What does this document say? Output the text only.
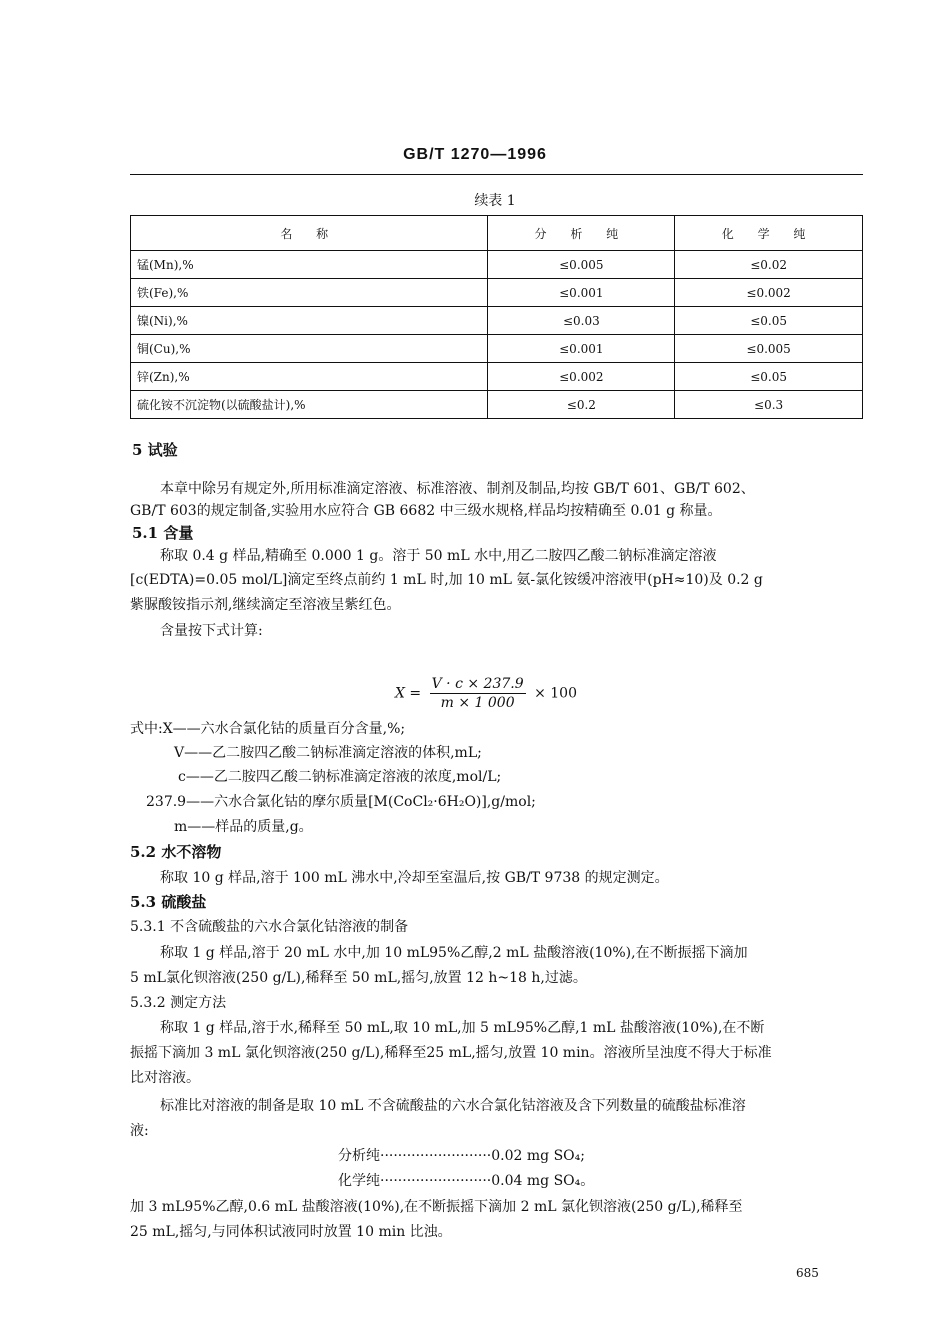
GB/T 1270—1996
续表 1
名 称	分 析 纯	化 学 纯
锰(Mn),%	≤0.005	≤0.02
铁(Fe),%	≤0.001	≤0.002
镍(Ni),%	≤0.03	≤0.05
铜(Cu),%	≤0.001	≤0.005
锌(Zn),%	≤0.002	≤0.05
硫化铵不沉淀物(以硫酸盐计),%	≤0.2	≤0.3
5 试验
本章中除另有规定外,所用标准滴定溶液、标准溶液、制剂及制品,均按 GB/T 601、GB/T 602、
GB/T 603的规定制备,实验用水应符合 GB 6682 中三级水规格,样品均按精确至 0.01 g 称量。
5.1 含量
称取 0.4 g 样品,精确至 0.000 1 g。溶于 50 mL 水中,用乙二胺四乙酸二钠标准滴定溶液
[c(EDTA)=0.05 mol/L]滴定至终点前约 1 mL 时,加 10 mL 氨-氯化铵缓冲溶液甲(pH≈10)及 0.2 g
紫脲酸铵指示剂,继续滴定至溶液呈紫红色。
含量按下式计算:
$X = \frac{V \cdot c \times 237.9}{m \times 1 000} \times 100$
式中:X——六水合氯化钴的质量百分含量,%;
V——乙二胺四乙酸二钠标准滴定溶液的体积,mL;
c——乙二胺四乙酸二钠标准滴定溶液的浓度,mol/L;
237.9——六水合氯化钴的摩尔质量[M(CoCl₂·6H₂O)],g/mol;
m——样品的质量,g。
5.2 水不溶物
称取 10 g 样品,溶于 100 mL 沸水中,冷却至室温后,按 GB/T 9738 的规定测定。
5.3 硫酸盐
5.3.1 不含硫酸盐的六水合氯化钴溶液的制备
称取 1 g 样品,溶于 20 mL 水中,加 10 mL95%乙醇,2 mL 盐酸溶液(10%),在不断振摇下滴加
5 mL氯化钡溶液(250 g/L),稀释至 50 mL,摇匀,放置 12 h~18 h,过滤。
5.3.2 测定方法
称取 1 g 样品,溶于水,稀释至 50 mL,取 10 mL,加 5 mL95%乙醇,1 mL 盐酸溶液(10%),在不断
振摇下滴加 3 mL 氯化钡溶液(250 g/L),稀释至25 mL,摇匀,放置 10 min。溶液所呈浊度不得大于标准
比对溶液。
标准比对溶液的制备是取 10 mL 不含硫酸盐的六水合氯化钴溶液及含下列数量的硫酸盐标准溶
液:
分析纯·························0.02 mg SO₄;
化学纯·························0.04 mg SO₄。
加 3 mL95%乙醇,0.6 mL 盐酸溶液(10%),在不断振摇下滴加 2 mL 氯化钡溶液(250 g/L),稀释至
25 mL,摇匀,与同体积试液同时放置 10 min 比浊。
685
